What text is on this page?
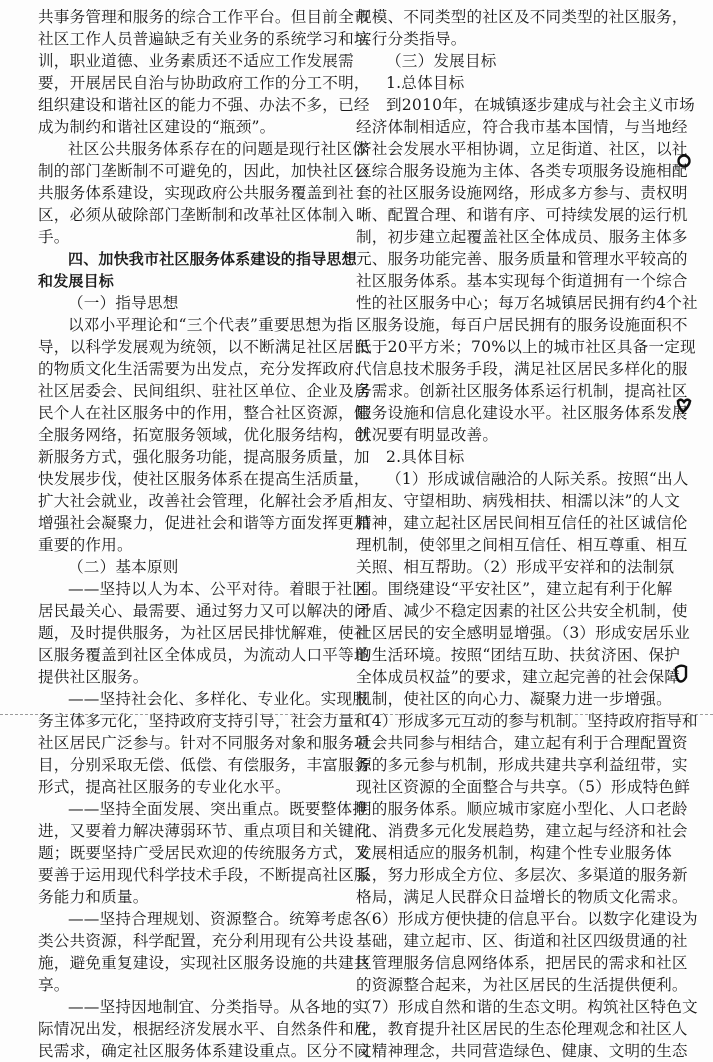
共事务管理和服务的综合工作平台。但目前全市
社区工作人员普遍缺乏有关业务的系统学习和培
训，职业道德、业务素质还不适应工作发展需
要，开展居民自治与协助政府工作的分工不明，
组织建设和谐社区的能力不强、办法不多，已经
成为制约和谐社区建设的“瓶颈”。
社区公共服务体系存在的问题是现行社区体
制的部门垄断制不可避免的，因此，加快社区公
共服务体系建设，实现政府公共服务覆盖到社
区，必须从破除部门垄断制和改革社区体制入
手。
四、加快我市社区服务体系建设的指导思想
和发展目标
（一）指导思想
以邓小平理论和“三个代表”重要思想为指
导，以科学发展观为统领，以不断满足社区居民
的物质文化生活需要为出发点，充分发挥政府、
社区居委会、民间组织、驻社区单位、企业及居
民个人在社区服务中的作用，整合社区资源，健
全服务网络，拓宽服务领域，优化服务结构，创
新服务方式，强化服务功能，提高服务质量，加
快发展步伐，使社区服务体系在提高生活质量，
扩大社会就业，改善社会管理，化解社会矛盾，
增强社会凝聚力，促进社会和谐等方面发挥更加
重要的作用。
（二）基本原则
——坚持以人为本、公平对待。着眼于社区
居民最关心、最需要、通过努力又可以解决的问
题，及时提供服务，为社区居民排忧解难，使社
区服务覆盖到社区全体成员，为流动人口平等地
提供社区服务。
——坚持社会化、多样化、专业化。实现服
务主体多元化，坚持政府支持引导，社会力量和
社区居民广泛参与。针对不同服务对象和服务项
目，分别采取无偿、低偿、有偿服务，丰富服务
形式，提高社区服务的专业化水平。
——坚持全面发展、突出重点。既要整体推
进，又要着力解决薄弱环节、重点项目和关键问
题；既要坚持广受居民欢迎的传统服务方式，又
要善于运用现代科学技术手段，不断提高社区服
务能力和质量。
——坚持合理规划、资源整合。统筹考虑各
类公共资源，科学配置，充分利用现有公共设
施，避免重复建设，实现社区服务设施的共建共
享。
——坚持因地制宜、分类指导。从各地的实
际情况出发，根据经济发展水平、自然条件和居
民需求，确定社区服务体系建设重点。区分不同
规模、不同类型的社区及不同类型的社区服务，
实行分类指导。
（三）发展目标
1.总体目标
到2010年，在城镇逐步建成与社会主义市场
经济体制相适应，符合我市基本国情，与当地经
济社会发展水平相协调，立足街道、社区，以社
区综合服务设施为主体、各类专项服务设施相配
套的社区服务设施网络，形成多方参与、责权明
晰、配置合理、和谐有序、可持续发展的运行机
制，初步建立起覆盖社区全体成员、服务主体多
元、服务功能完善、服务质量和管理水平较高的
社区服务体系。基本实现每个街道拥有一个综合
性的社区服务中心；每万名城镇居民拥有约4个社
区服务设施，每百户居民拥有的服务设施面积不
低于20平方米；70%以上的城市社区具备一定现
代信息技术服务手段，满足社区居民多样化的服
务需求。创新社区服务体系运行机制，提高社区
服务设施和信息化建设水平。社区服务体系发展
状况要有明显改善。
2.具体目标
（1）形成诚信融洽的人际关系。按照“出人
相友、守望相助、病残相扶、相濡以沫”的人文
精神，建立起社区居民间相互信任的社区诚信伦
理机制，使邻里之间相互信任、相互尊重、相互
关照、相互帮助。（2）形成平安祥和的法制氛
围。围绕建设“平安社区”，建立起有利于化解
矛盾、减少不稳定因素的社区公共安全机制，使
社区居民的安全感明显增强。（3）形成安居乐业
的生活环境。按照“团结互助、扶贫济困、保护
全体成员权益”的要求，建立起完善的社会保障
机制，使社区的向心力、凝聚力进一步增强。
（4）形成多元互动的参与机制。坚持政府指导和
社会共同参与相结合，建立起有利于合理配置资
源的多元参与机制，形成共建共享利益纽带，实
现社区资源的全面整合与共享。（5）形成特色鲜
明的服务体系。顺应城市家庭小型化、人口老龄
化、消费多元化发展趋势，建立起与经济和社会
发展相适应的服务机制，构建个性专业服务体
系，努力形成全方位、多层次、多渠道的服务新
格局，满足人民群众日益增长的物质文化需求。
（6）形成方便快捷的信息平台。以数字化建设为
基础，建立起市、区、街道和社区四级贯通的社
区管理服务信息网络体系，把居民的需求和社区
的资源整合起来，为社区居民的生活提供便利。
（7）形成自然和谐的生态文明。构筑社区特色文
化，教育提升社区居民的生态伦理观念和社区人
文精神理念，共同营造绿色、健康、文明的生态
